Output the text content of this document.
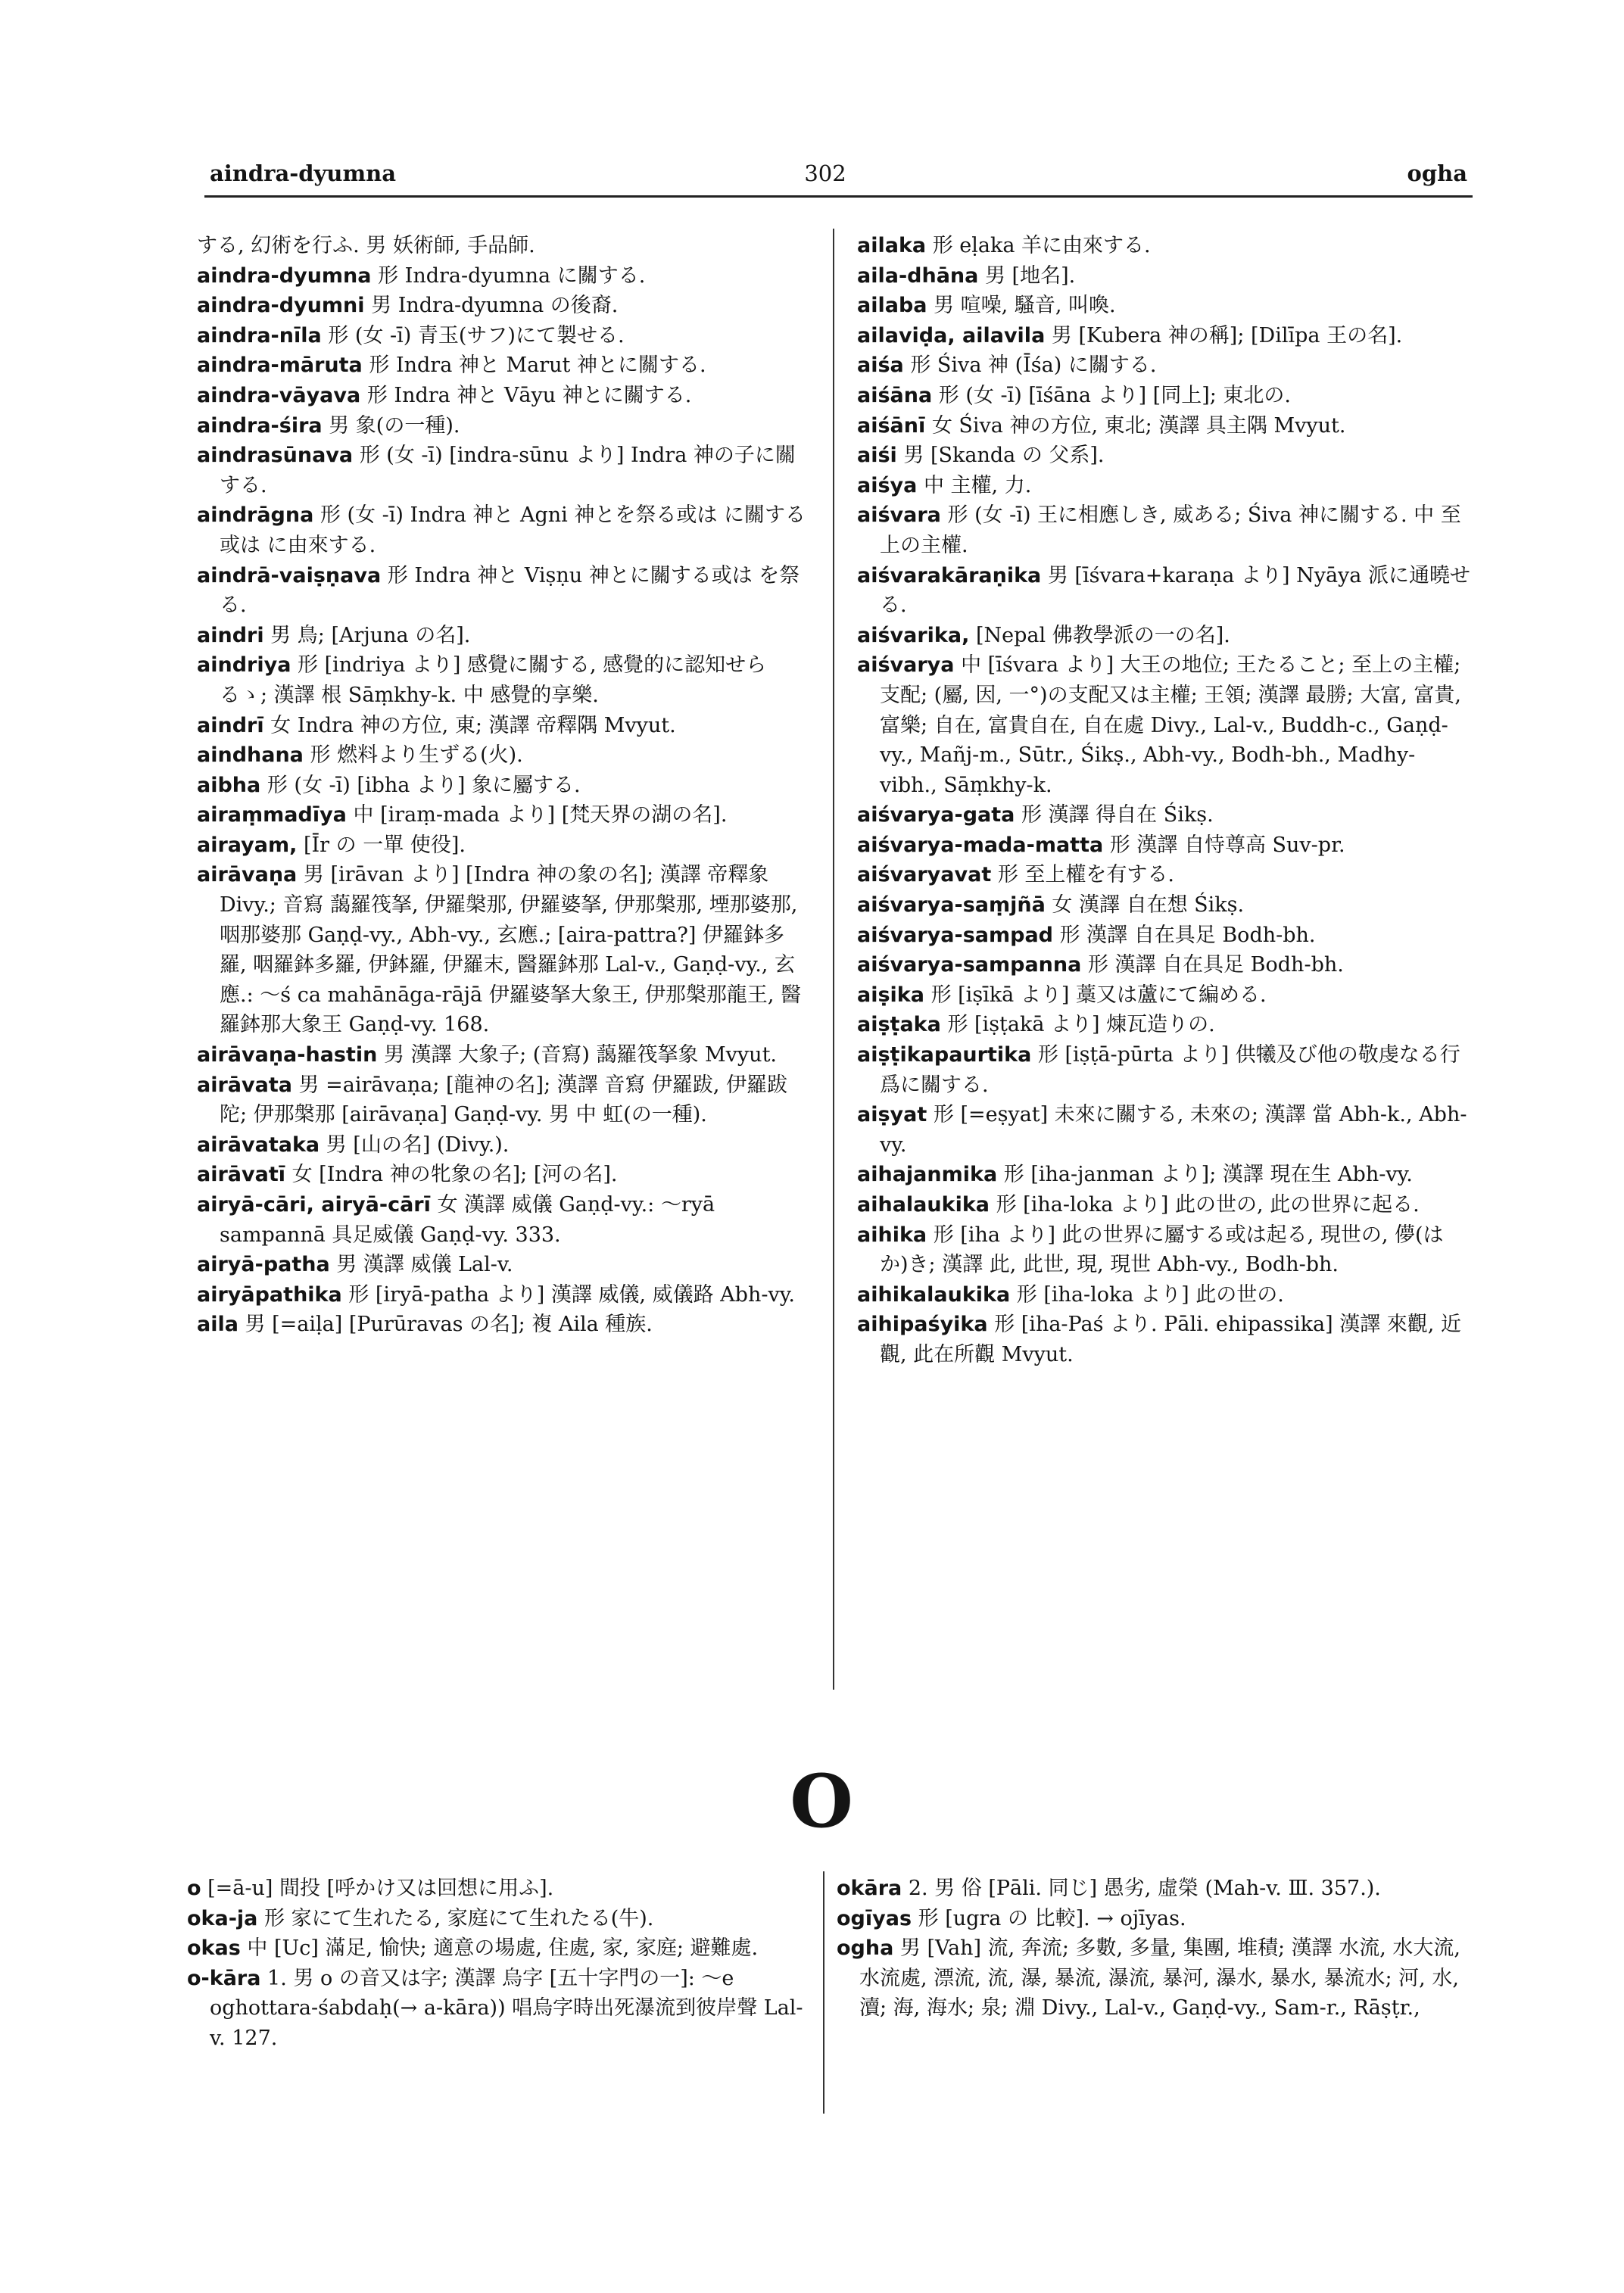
aindra-dyumna	302	ogha

する, 幻術を行ふ. 男 妖術師, 手品師.

aindra-dyumna 形 Indra-dyumna に關する.

aindra-dyumni 男 Indra-dyumna の後裔.

aindra-nīla 形 (女 -ī) 青玉(サフ)にて製せる.

aindra-māruta 形 Indra 神と Marut 神とに關する.

aindra-vāyava 形 Indra 神と Vāyu 神とに關する.

aindra-śira 男 象(の一種).

aindrasūnava 形 (女 -ī) [indra-sūnu より] Indra 神の子に關する.

aindrāgna 形 (女 -ī) Indra 神と Agni 神とを祭る或は に關する或は に由來する.

aindrā-vaiṣṇava 形 Indra 神と Viṣṇu 神とに關する或は を祭る.

aindri 男 鳥; [Arjuna の名].

aindriya 形 [indriya より] 感覺に關する, 感覺的に認知せらるゝ; 漢譯 根 Sāṃkhy-k. 中 感覺的享樂.

aindrī 女 Indra 神の方位, 東; 漢譯 帝釋隅 Mvyut.

aindhana 形 燃料より生ずる(火).

aibha 形 (女 -ī) [ibha より] 象に屬する.

airaṃmadīya 中 [iraṃ-mada より] [梵天界の湖の名].

airayam, [Īr の 一單 使役].

airāvaṇa 男 [irāvan より] [Indra 神の象の名]; 漢譯 帝釋象 Divy.; 音寫 藹羅筏拏, 伊羅槃那, 伊羅婆拏, 伊那槃那, 堙那婆那, 咽那婆那 Gaṇḍ-vy., Abh-vy., 玄應.; [aira-pattra?] 伊羅鉢多羅, 咽羅鉢多羅, 伊鉢羅, 伊羅末, 醫羅鉢那 Lal-v., Gaṇḍ-vy., 玄應.: 〜ś ca mahānāga-rājā 伊羅婆拏大象王, 伊那槃那龍王, 醫羅鉢那大象王 Gaṇḍ-vy. 168.

airāvaṇa-hastin 男 漢譯 大象子; (音寫) 藹羅筏拏象 Mvyut.

airāvata 男 =airāvaṇa; [龍神の名]; 漢譯 音寫 伊羅跋, 伊羅跋陀; 伊那槃那 [airāvaṇa] Gaṇḍ-vy. 男 中 虹(の一種).

airāvataka 男 [山の名] (Divy.).

airāvatī 女 [Indra 神の牝象の名]; [河の名].

airyā-cāri, airyā-cārī 女 漢譯 威儀 Gaṇḍ-vy.: 〜ryā sampannā 具足威儀 Gaṇḍ-vy. 333.

airyā-patha 男 漢譯 威儀 Lal-v.

airyāpathika 形 [iryā-patha より] 漢譯 威儀, 威儀路 Abh-vy.

aila 男 [=aiḷa] [Purūravas の名]; 複 Aila 種族.

ailaka 形 eḷaka 羊に由來する.

aila-dhāna 男 [地名].

ailaba 男 喧噪, 騷音, 叫喚.

ailaviḍa, ailavila 男 [Kubera 神の稱]; [Dilīpa 王の名].

aiśa 形 Śiva 神 (Īśa) に關する.

aiśāna 形 (女 -ī) [īśāna より] [同上]; 東北の.

aiśānī 女 Śiva 神の方位, 東北; 漢譯 具主隅 Mvyut.

aiśi 男 [Skanda の 父系].

aiśya 中 主權, 力.

aiśvara 形 (女 -ī) 王に相應しき, 威ある; Śiva 神に關する. 中 至上の主權.

aiśvarakāraṇika 男 [īśvara+karaṇa より] Nyāya 派に通曉せる.

aiśvarika, [Nepal 佛教學派の一の名].

aiśvarya 中 [īśvara より] 大王の地位; 王たること; 至上の主權; 支配; (屬, 因, 一°)の支配又は主權; 王領; 漢譯 最勝; 大富, 富貴, 富樂; 自在, 富貴自在, 自在處 Divy., Lal-v., Buddh-c., Gaṇḍ-vy., Mañj-m., Sūtr., Śikṣ., Abh-vy., Bodh-bh., Madhy-vibh., Sāṃkhy-k.

aiśvarya-gata 形 漢譯 得自在 Śikṣ.

aiśvarya-mada-matta 形 漢譯 自恃尊高 Suv-pr.

aiśvaryavat 形 至上權を有する.

aiśvarya-saṃjñā 女 漢譯 自在想 Śikṣ.

aiśvarya-sampad 形 漢譯 自在具足 Bodh-bh.

aiśvarya-sampanna 形 漢譯 自在具足 Bodh-bh.

aiṣika 形 [iṣīkā より] 藁又は蘆にて編める.

aiṣṭaka 形 [iṣṭakā より] 煉瓦造りの.

aiṣṭikapaurtika 形 [iṣṭā-pūrta より] 供犧及び他の敬虔なる行爲に關する.

aiṣyat 形 [=eṣyat] 未來に關する, 未來の; 漢譯 當 Abh-k., Abh-vy.

aihajanmika 形 [iha-janman より]; 漢譯 現在生 Abh-vy.

aihalaukika 形 [iha-loka より] 此の世の, 此の世界に起る.

aihika 形 [iha より] 此の世界に屬する或は起る, 現世の, 儚(はか)き; 漢譯 此, 此世, 現, 現世 Abh-vy., Bodh-bh.

aihikalaukika 形 [iha-loka より] 此の世の.

aihipaśyika 形 [iha-Paś より. Pāli. ehipassika] 漢譯 來觀, 近觀, 此在所觀 Mvyut.

O

o [=ā-u] 間投 [呼かけ又は回想に用ふ].

oka-ja 形 家にて生れたる, 家庭にて生れたる(牛).

okas 中 [Uc] 滿足, 愉快; 適意の場處, 住處, 家, 家庭; 避難處.

o-kāra 1. 男 o の音又は字; 漢譯 烏字 [五十字門の一]: 〜e oghottara-śabdaḥ(→ a-kāra)) 唱烏字時出死瀑流到彼岸聲 Lal-v. 127.

okāra 2. 男 俗 [Pāli. 同じ] 愚劣, 虛榮 (Mah-v. Ⅲ. 357.).

ogīyas 形 [ugra の 比較]. → ojīyas.

ogha 男 [Vah] 流, 奔流; 多數, 多量, 集團, 堆積; 漢譯 水流, 水大流, 水流處, 漂流, 流, 瀑, 暴流, 瀑流, 暴河, 瀑水, 暴水, 暴流水; 河, 水, 瀆; 海, 海水; 泉; 淵 Divy., Lal-v., Gaṇḍ-vy., Sam-r., Rāṣṭr.,
